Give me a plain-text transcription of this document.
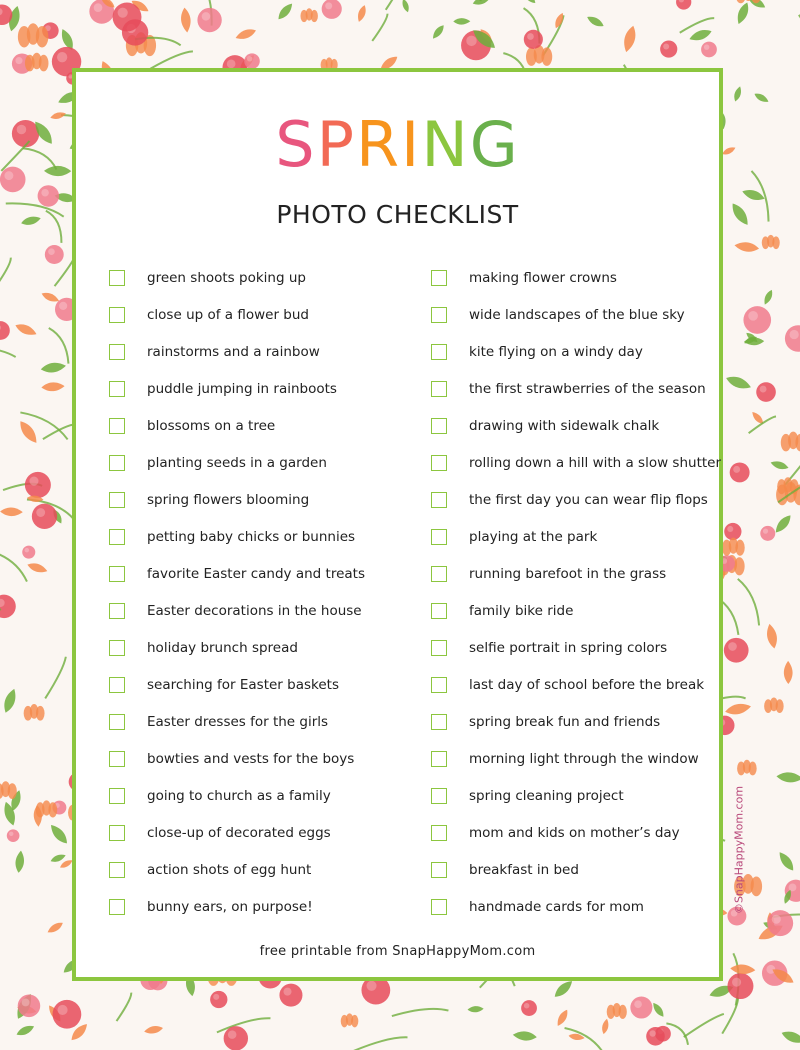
SPRING
PHOTO CHECKLIST
green shoots poking up
close up of a flower bud
rainstorms and a rainbow
puddle jumping in rainboots
blossoms on a tree
planting seeds in a garden
spring flowers blooming
petting baby chicks or bunnies
favorite Easter candy and treats
Easter decorations in the house
holiday brunch spread
searching for Easter baskets
Easter dresses for the girls
bowties and vests for the boys
going to church as a family
close-up of decorated eggs
action shots of egg hunt
bunny ears, on purpose!
making flower crowns
wide landscapes of the blue sky
kite flying on a windy day
the first strawberries of the season
drawing with sidewalk chalk
rolling down a hill with a slow shutter
the first day you can wear flip flops
playing at the park
running barefoot in the grass
family bike ride
selfie portrait in spring colors
last day of school before the break
spring break fun and friends
morning light through the window
spring cleaning project
mom and kids on mother’s day
breakfast in bed
handmade cards for mom
free printable from SnapHappyMom.com
©SnapHappyMom.com
